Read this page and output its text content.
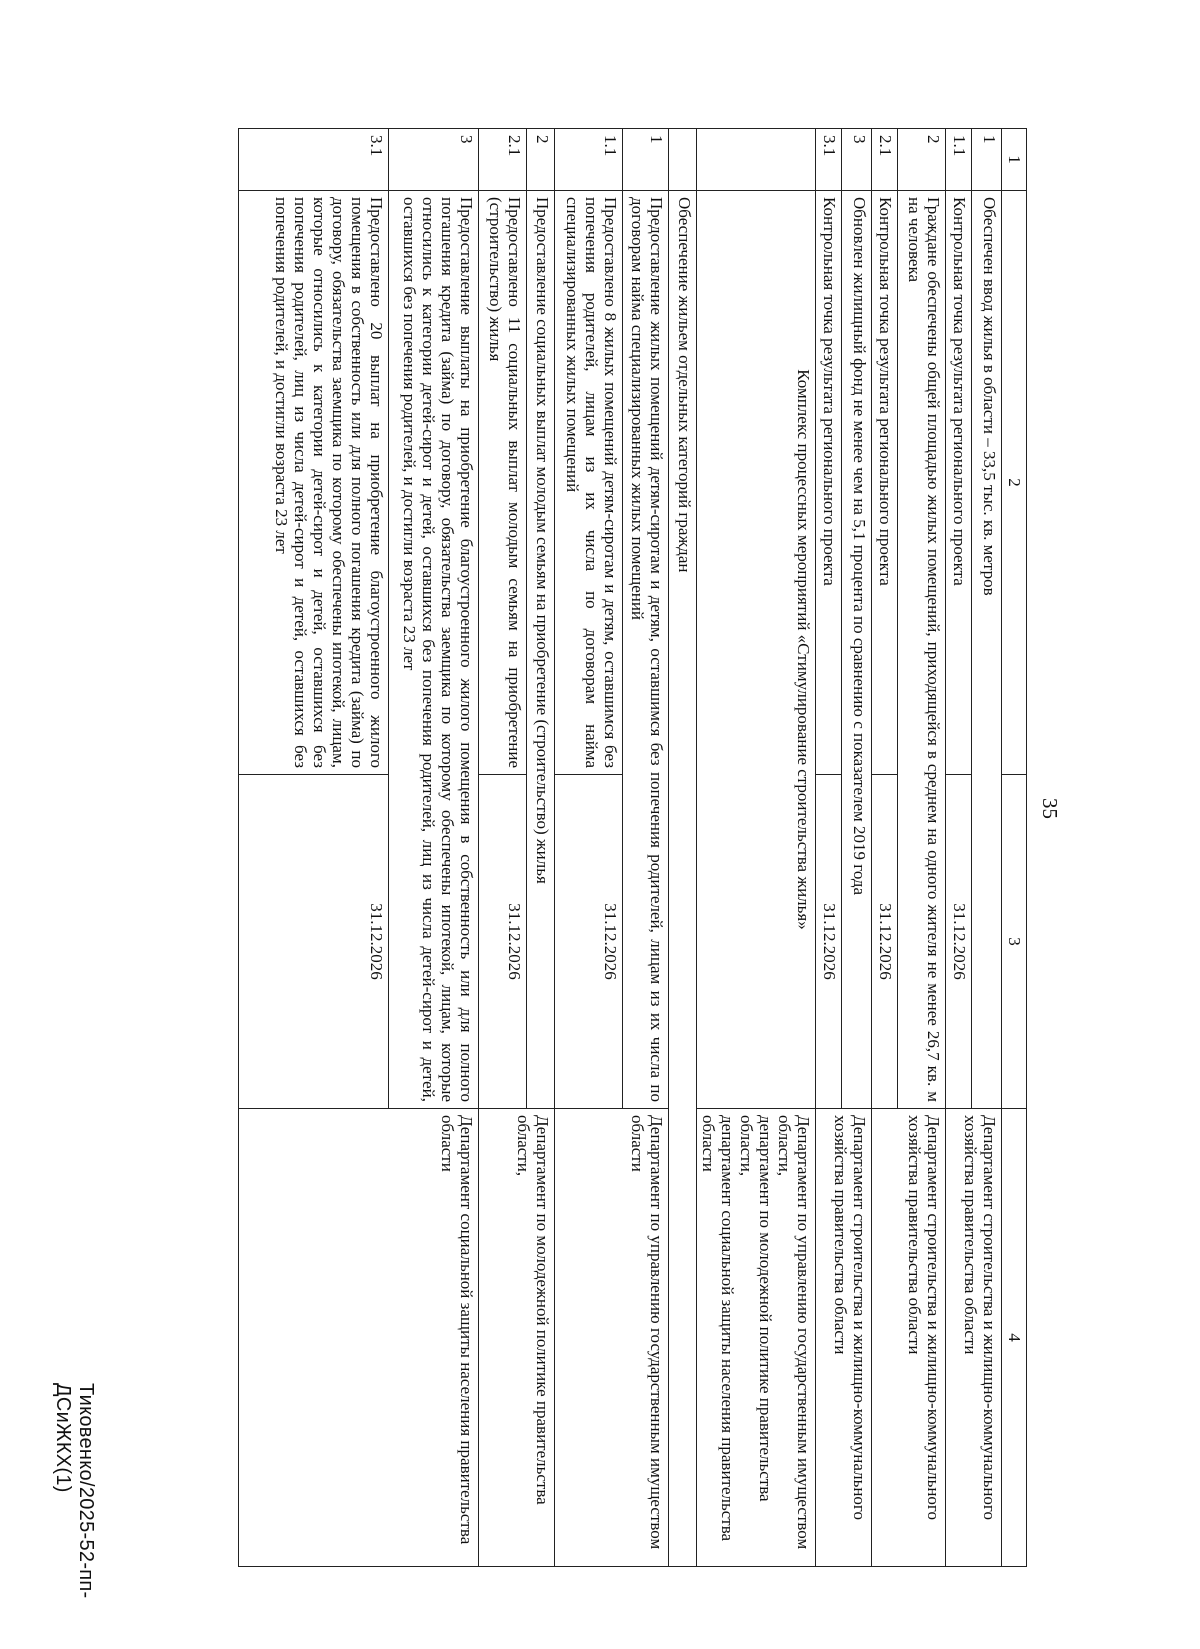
35
Тиковенко/2025-52-пп-ДСиЖКХ(1)
1	2	3	4
1	Обеспечен ввод жилья в области – 33,5 тыс. кв. метров		Департамент строительства и жилищно-коммунального хозяйства правительства области
1.1	Контрольная точка результата регионального проекта	31.12.2026	
2	Граждане обеспечены общей площадью жилых помещений, приходящейся в среднем на одного жителя не менее 26,7 кв. м на человека		Департамент строительства и жилищно-коммунального хозяйства правительства области
2.1	Контрольная точка результата регионального проекта	31.12.2026	
3	Обновлен жилищный фонд не менее чем на 5,1 процента по сравнению с показателем 2019 года		Департамент строительства и жилищно-коммунального хозяйства правительства области
3.1	Контрольная точка результата регионального проекта	31.12.2026	
	Комплекс процессных мероприятий «Стимулирование строительства жилья»		Департамент по управлению государственным имуществом области,
департамент по молодежной политике правительства области,
департамент социальной защиты населения правительства области

	Обеспечение жильем отдельных категорий граждан		
1	Предоставление жилых помещений детям-сиротам и детям, оставшимся без попечения родителей, лицам из их числа по договорам найма специализированных жилых помещений		Департамент по управлению государственным имуществом области
1.1	Предоставлено 8 жилых помещений детям-сиротам и детям, оставшимся без попечения родителей, лицам из их числа по договорам найма специализированных жилых помещений	31.12.2026	
2	Предоставление социальных выплат молодым семьям на приобретение (строительство) жилья		Департамент по молодежной политике правительства области,
2.1	Предоставлено 11 социальных выплат молодым семьям на приобретение (строительство) жилья	31.12.2026	
3	Предоставление выплаты на приобретение благоустроенного жилого помещения в собственность или для полного погашения кредита (займа) по договору, обязательства заемщика по которому обеспечены ипотекой, лицам, которые относились к категории детей-сирот и детей, оставшихся без попечения родителей, лиц из числа детей-сирот и детей, оставшихся без попечения родителей, и достигли возраста 23 лет		Департамент социальной защиты населения правительства области
3.1	Предоставлено 20 выплат на приобретение благоустроенного жилого помещения в собственность или для полного погашения кредита (займа) по договору, обязательства заемщика по которому обеспечены ипотекой, лицам, которые относились к категории детей-сирот и детей, оставшихся без попечения родителей, лиц из числа детей-сирот и детей, оставшихся без попечения родителей, и достигли возраста 23 лет	31.12.2026	
